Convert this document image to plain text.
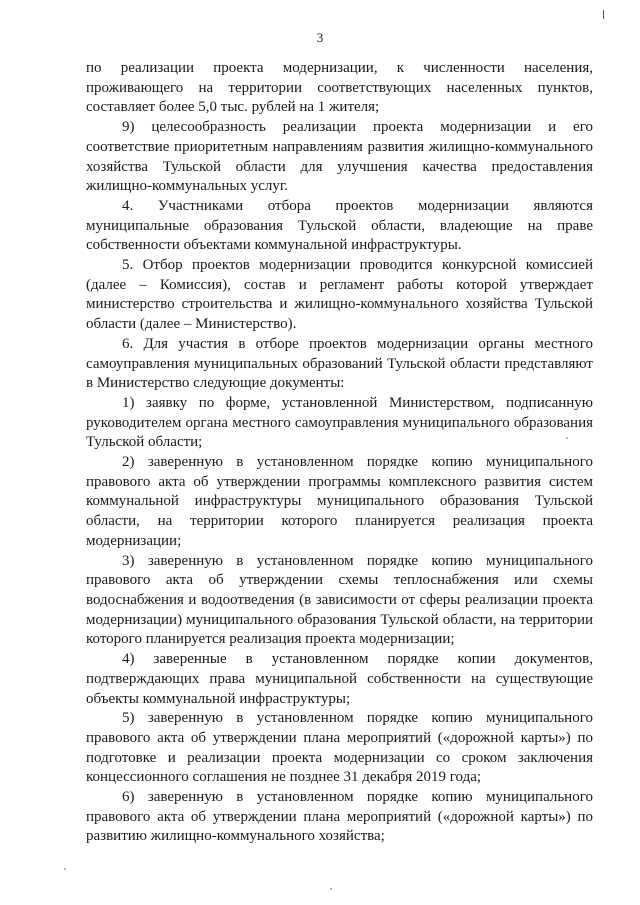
3

по реализации проекта модернизации, к численности населения, проживающего на территории соответствующих населенных пунктов, составляет более 5,0 тыс. рублей на 1 жителя;

9) целесообразность реализации проекта модернизации и его соответствие приоритетным направлениям развития жилищно-коммунального хозяйства Тульской области для улучшения качества предоставления жилищно-коммунальных услуг.

4. Участниками отбора проектов модернизации являются муниципальные образования Тульской области, владеющие на праве собственности объектами коммунальной инфраструктуры.

5. Отбор проектов модернизации проводится конкурсной комиссией (далее – Комиссия), состав и регламент работы которой утверждает министерство строительства и жилищно-коммунального хозяйства Тульской области (далее – Министерство).

6. Для участия в отборе проектов модернизации органы местного самоуправления муниципальных образований Тульской области представляют в Министерство следующие документы:

1) заявку по форме, установленной Министерством, подписанную руководителем органа местного самоуправления муниципального образования Тульской области;

2) заверенную в установленном порядке копию муниципального правового акта об утверждении программы комплексного развития систем коммунальной инфраструктуры муниципального образования Тульской области, на территории которого планируется реализация проекта модернизации;

3) заверенную в установленном порядке копию муниципального правового акта об утверждении схемы теплоснабжения или схемы водоснабжения и водоотведения (в зависимости от сферы реализации проекта модернизации) муниципального образования Тульской области, на территории которого планируется реализация проекта модернизации;

4) заверенные в установленном порядке копии документов, подтверждающих права муниципальной собственности на существующие объекты коммунальной инфраструктуры;

5) заверенную в установленном порядке копию муниципального правового акта об утверждении плана мероприятий («дорожной карты») по подготовке и реализации проекта модернизации со сроком заключения концессионного соглашения не позднее 31 декабря 2019 года;

6) заверенную в установленном порядке копию муниципального правового акта об утверждении плана мероприятий («дорожной карты») по развитию жилищно-коммунального хозяйства;
